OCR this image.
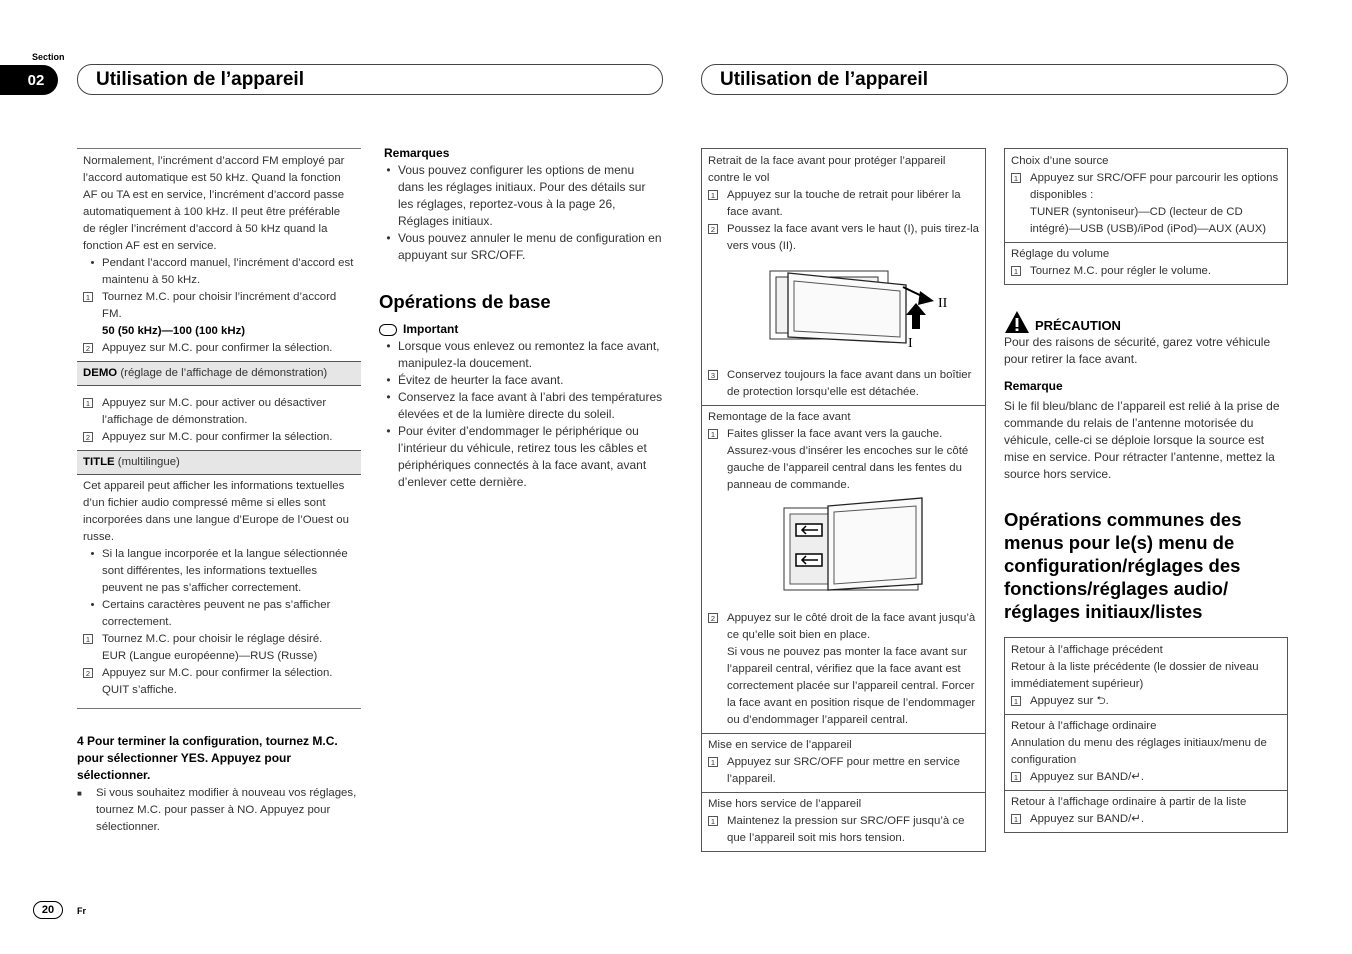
Section
02	Utilisation de l’appareil	Utilisation de l’appareil
Normalement, l’incrément d’accord FM employé par l’accord automatique est 50 kHz. Quand la fonction AF ou TA est en service, l’incrément d’accord passe automatiquement à 100 kHz. Il peut être préférable de régler l’incrément d’accord à 50 kHz quand la fonction AF est en service.
• Pendant l’accord manuel, l’incrément d’accord est maintenu à 50 kHz.
1 Tournez M.C. pour choisir l’incrément d’accord FM.
50 (50 kHz)—100 (100 kHz)
2 Appuyez sur M.C. pour confirmer la sélection.
DEMO (réglage de l’affichage de démonstration)
1 Appuyez sur M.C. pour activer ou désactiver l’affichage de démonstration.
2 Appuyez sur M.C. pour confirmer la sélection.
TITLE (multilingue)
Cet appareil peut afficher les informations textuelles d’un fichier audio compressé même si elles sont incorporées dans une langue d’Europe de l’Ouest ou russe.
• Si la langue incorporée et la langue sélectionnée sont différentes, les informations textuelles peuvent ne pas s’afficher correctement.
• Certains caractères peuvent ne pas s’afficher correctement.
1 Tournez M.C. pour choisir le réglage désiré.
EUR (Langue européenne)—RUS (Russe)
2 Appuyez sur M.C. pour confirmer la sélection.
QUIT s’affiche.
4 Pour terminer la configuration, tournez M.C. pour sélectionner YES. Appuyez pour sélectionner.
■	Si vous souhaitez modifier à nouveau vos réglages, tournez M.C. pour passer à NO. Appuyez pour sélectionner.
Remarques
• Vous pouvez configurer les options de menu dans les réglages initiaux. Pour des détails sur les réglages, reportez-vous à la page 26, Réglages initiaux.
• Vous pouvez annuler le menu de configuration en appuyant sur SRC/OFF.
Opérations de base
Important
• Lorsque vous enlevez ou remontez la face avant, manipulez-la doucement.
• Évitez de heurter la face avant.
• Conservez la face avant à l’abri des températures élevées et de la lumière directe du soleil.
• Pour éviter d’endommager le périphérique ou l’intérieur du véhicule, retirez tous les câbles et périphériques connectés à la face avant, avant d’enlever cette dernière.
Retrait de la face avant pour protéger l’appareil contre le vol
1 Appuyez sur la touche de retrait pour libérer la face avant.
2 Poussez la face avant vers le haut (I), puis tirez-la vers vous (II).
II
I
3 Conservez toujours la face avant dans un boîtier de protection lorsqu’elle est détachée.
Remontage de la face avant
1 Faites glisser la face avant vers la gauche. Assurez-vous d’insérer les encoches sur le côté gauche de l’appareil central dans les fentes du panneau de commande.
2 Appuyez sur le côté droit de la face avant jusqu’à ce qu’elle soit bien en place.
Si vous ne pouvez pas monter la face avant sur l’appareil central, vérifiez que la face avant est correctement placée sur l’appareil central. Forcer la face avant en position risque de l’endommager ou d’endommager l’appareil central.
Mise en service de l’appareil
1 Appuyez sur SRC/OFF pour mettre en service l’appareil.
Mise hors service de l’appareil
1 Maintenez la pression sur SRC/OFF jusqu’à ce que l’appareil soit mis hors tension.
Choix d’une source
1 Appuyez sur SRC/OFF pour parcourir les options disponibles :
TUNER (syntoniseur)—CD (lecteur de CD intégré)—USB (USB)/iPod (iPod)—AUX (AUX)
Réglage du volume
1 Tournez M.C. pour régler le volume.
PRÉCAUTION
Pour des raisons de sécurité, garez votre véhicule pour retirer la face avant.
Remarque
Si le fil bleu/blanc de l’appareil est relié à la prise de commande du relais de l’antenne motorisée du véhicule, celle-ci se déploie lorsque la source est mise en service. Pour rétracter l’antenne, mettez la source hors service.
Opérations communes des menus pour le(s) menu de configuration/réglages des fonctions/réglages audio/ réglages initiaux/listes
Retour à l’affichage précédent
Retour à la liste précédente (le dossier de niveau immédiatement supérieur)
1 Appuyez sur ⮌.
Retour à l’affichage ordinaire
Annulation du menu des réglages initiaux/menu de configuration
1 Appuyez sur BAND/↵.
Retour à l’affichage ordinaire à partir de la liste
1 Appuyez sur BAND/↵.
20	Fr
